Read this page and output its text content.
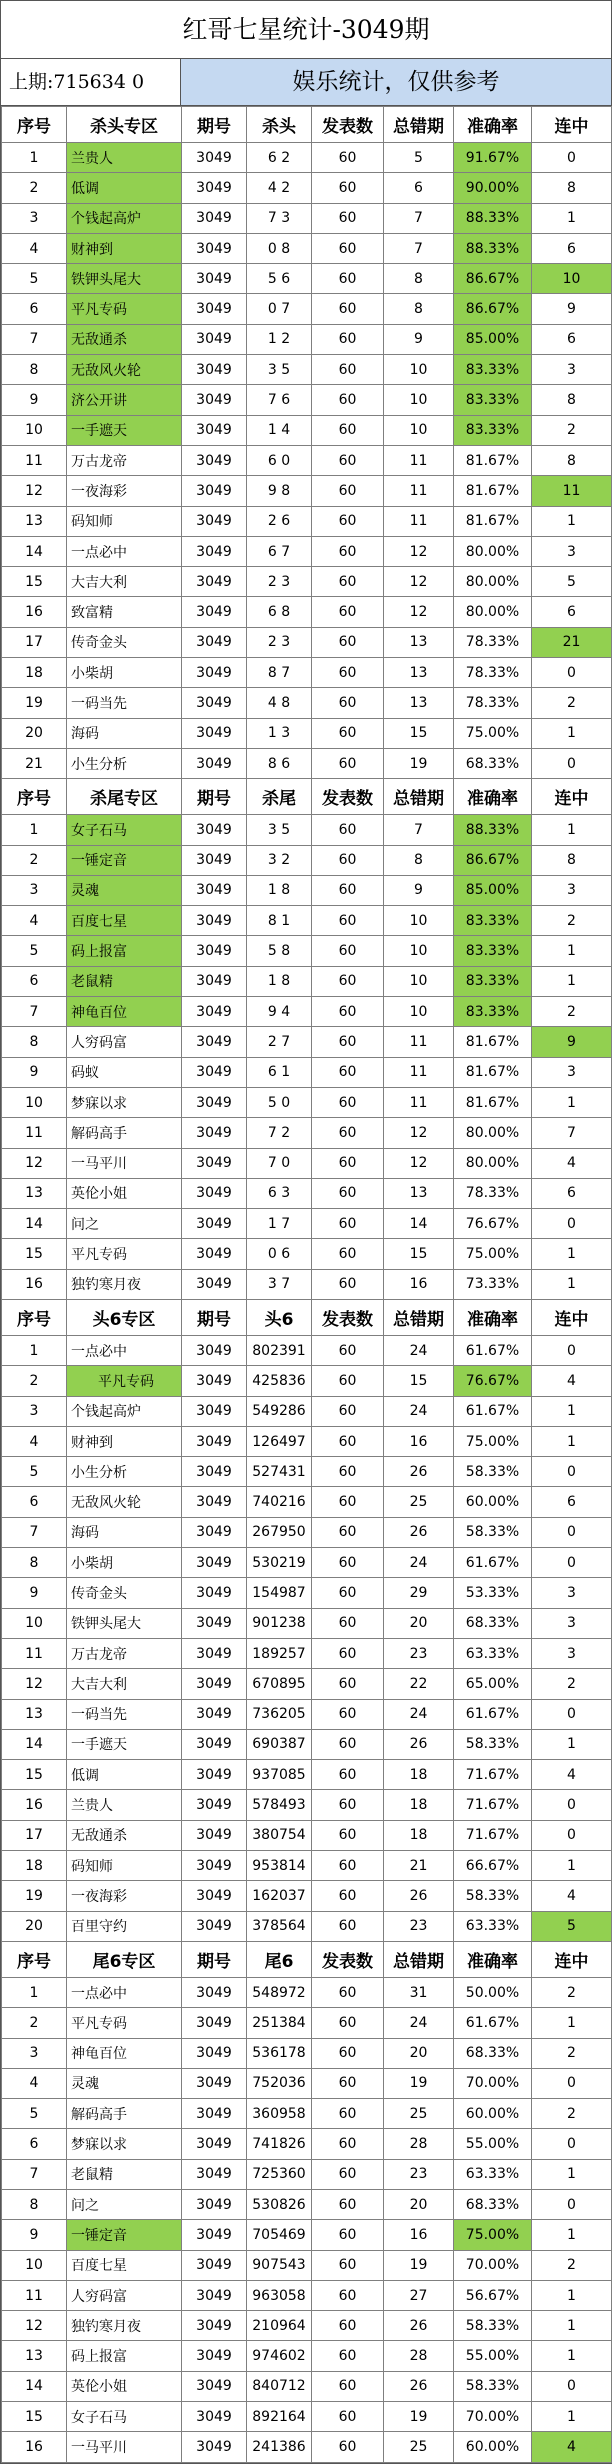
红哥七星统计-3049期
上期:715634 0	娱乐统计，仅供参考
序号	杀头专区	期号	杀头	发表数	总错期	准确率	连中
1	兰贵人	3049	6 2	60	5	91.67%	0
2	低调	3049	4 2	60	6	90.00%	8
3	个钱起高炉	3049	7 3	60	7	88.33%	1
4	财神到	3049	0 8	60	7	88.33%	6
5	铁钾头尾大	3049	5 6	60	8	86.67%	10
6	平凡专码	3049	0 7	60	8	86.67%	9
7	无敌通杀	3049	1 2	60	9	85.00%	6
8	无敌风火轮	3049	3 5	60	10	83.33%	3
9	济公开讲	3049	7 6	60	10	83.33%	8
10	一手遮天	3049	1 4	60	10	83.33%	2
11	万古龙帝	3049	6 0	60	11	81.67%	8
12	一夜海彩	3049	9 8	60	11	81.67%	11
13	码知师	3049	2 6	60	11	81.67%	1
14	一点必中	3049	6 7	60	12	80.00%	3
15	大吉大利	3049	2 3	60	12	80.00%	5
16	致富精	3049	6 8	60	12	80.00%	6
17	传奇金头	3049	2 3	60	13	78.33%	21
18	小柴胡	3049	8 7	60	13	78.33%	0
19	一码当先	3049	4 8	60	13	78.33%	2
20	海码	3049	1 3	60	15	75.00%	1
21	小生分析	3049	8 6	60	19	68.33%	0
序号	杀尾专区	期号	杀尾	发表数	总错期	准确率	连中
1	女子石马	3049	3 5	60	7	88.33%	1
2	一锤定音	3049	3 2	60	8	86.67%	8
3	灵魂	3049	1 8	60	9	85.00%	3
4	百度七星	3049	8 1	60	10	83.33%	2
5	码上报富	3049	5 8	60	10	83.33%	1
6	老鼠精	3049	1 8	60	10	83.33%	1
7	神龟百位	3049	9 4	60	10	83.33%	2
8	人穷码富	3049	2 7	60	11	81.67%	9
9	码蚁	3049	6 1	60	11	81.67%	3
10	梦寐以求	3049	5 0	60	11	81.67%	1
11	解码高手	3049	7 2	60	12	80.00%	7
12	一马平川	3049	7 0	60	12	80.00%	4
13	英伦小姐	3049	6 3	60	13	78.33%	6
14	问之	3049	1 7	60	14	76.67%	0
15	平凡专码	3049	0 6	60	15	75.00%	1
16	独钓寒月夜	3049	3 7	60	16	73.33%	1
序号	头6专区	期号	头6	发表数	总错期	准确率	连中
1	一点必中	3049	802391	60	24	61.67%	0
2	平凡专码	3049	425836	60	15	76.67%	4
3	个钱起高炉	3049	549286	60	24	61.67%	1
4	财神到	3049	126497	60	16	75.00%	1
5	小生分析	3049	527431	60	26	58.33%	0
6	无敌风火轮	3049	740216	60	25	60.00%	6
7	海码	3049	267950	60	26	58.33%	0
8	小柴胡	3049	530219	60	24	61.67%	0
9	传奇金头	3049	154987	60	29	53.33%	3
10	铁钾头尾大	3049	901238	60	20	68.33%	3
11	万古龙帝	3049	189257	60	23	63.33%	3
12	大吉大利	3049	670895	60	22	65.00%	2
13	一码当先	3049	736205	60	24	61.67%	0
14	一手遮天	3049	690387	60	26	58.33%	1
15	低调	3049	937085	60	18	71.67%	4
16	兰贵人	3049	578493	60	18	71.67%	0
17	无敌通杀	3049	380754	60	18	71.67%	0
18	码知师	3049	953814	60	21	66.67%	1
19	一夜海彩	3049	162037	60	26	58.33%	4
20	百里守约	3049	378564	60	23	63.33%	5
序号	尾6专区	期号	尾6	发表数	总错期	准确率	连中
1	一点必中	3049	548972	60	31	50.00%	2
2	平凡专码	3049	251384	60	24	61.67%	1
3	神龟百位	3049	536178	60	20	68.33%	2
4	灵魂	3049	752036	60	19	70.00%	0
5	解码高手	3049	360958	60	25	60.00%	2
6	梦寐以求	3049	741826	60	28	55.00%	0
7	老鼠精	3049	725360	60	23	63.33%	1
8	问之	3049	530826	60	20	68.33%	0
9	一锤定音	3049	705469	60	16	75.00%	1
10	百度七星	3049	907543	60	19	70.00%	2
11	人穷码富	3049	963058	60	27	56.67%	1
12	独钓寒月夜	3049	210964	60	26	58.33%	1
13	码上报富	3049	974602	60	28	55.00%	1
14	英伦小姐	3049	840712	60	26	58.33%	0
15	女子石马	3049	892164	60	19	70.00%	1
16	一马平川	3049	241386	60	25	60.00%	4
